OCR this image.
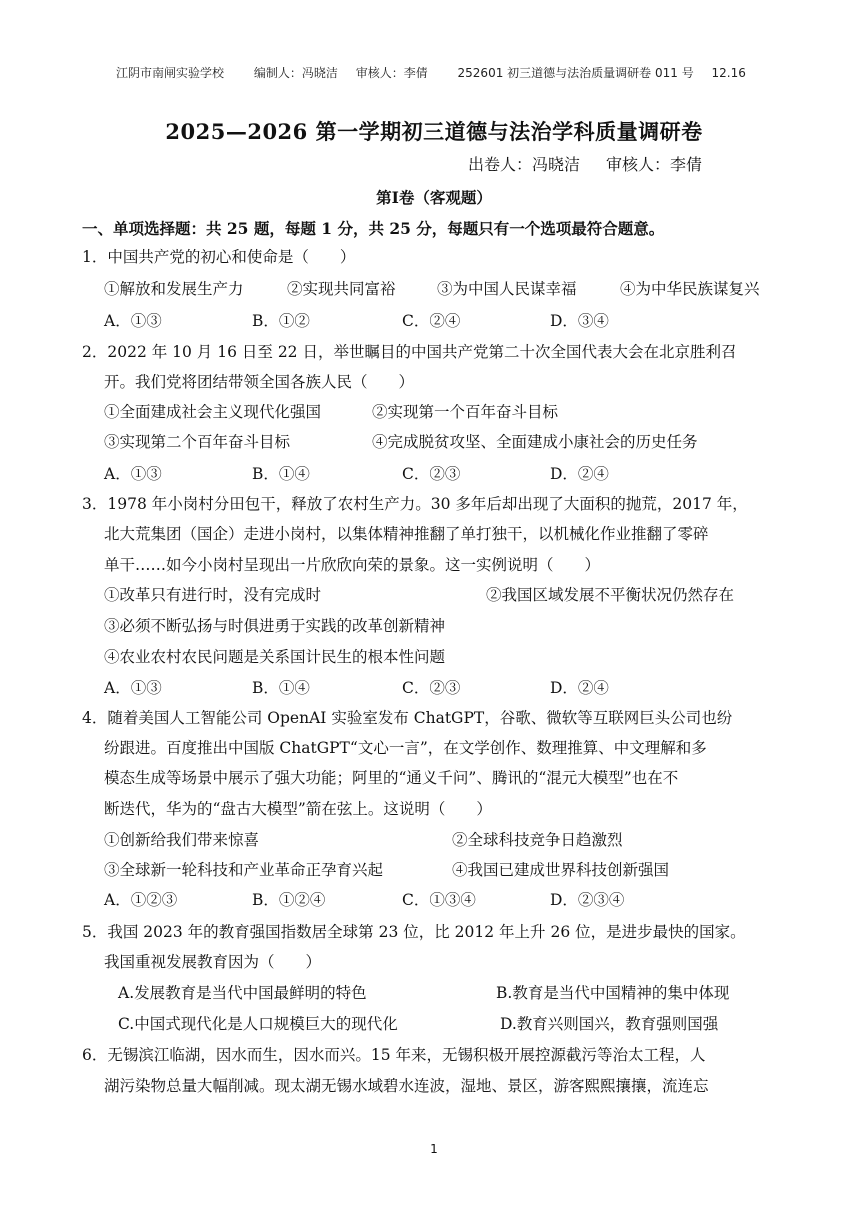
江阴市南闸实验学校 编制人：冯晓洁 审核人：李倩 252601 初三道德与法治质量调研卷 011 号 12.16
2025—2026 第一学期初三道德与法治学科质量调研卷
出卷人：冯晓洁 审核人：李倩
第Ⅰ卷（客观题）
一、单项选择题：共 25 题，每题 1 分，共 25 分，每题只有一个选项最符合题意。
1．中国共产党的初心和使命是（　　）
①解放和发展生产力	②实现共同富裕	③为中国人民谋幸福	④为中华民族谋复兴
A．①③	B．①②	C．②④	D．③④
2．2022 年 10 月 16 日至 22 日，举世瞩目的中国共产党第二十次全国代表大会在北京胜利召
开。我们党将团结带领全国各族人民（　　）
①全面建成社会主义现代化强国	②实现第一个百年奋斗目标
③实现第二个百年奋斗目标	④完成脱贫攻坚、全面建成小康社会的历史任务
A．①③	B．①④	C．②③	D．②④
3．1978 年小岗村分田包干，释放了农村生产力。30 多年后却出现了大面积的抛荒，2017 年，
北大荒集团（国企）走进小岗村，以集体精神推翻了单打独干，以机械化作业推翻了零碎
单干……如今小岗村呈现出一片欣欣向荣的景象。这一实例说明（　　）
①改革只有进行时，没有完成时	②我国区域发展不平衡状况仍然存在
③必须不断弘扬与时俱进勇于实践的改革创新精神
④农业农村农民问题是关系国计民生的根本性问题
A．①③	B．①④	C．②③	D．②④
4．随着美国人工智能公司 OpenAI 实验室发布 ChatGPT，谷歌、微软等互联网巨头公司也纷
纷跟进。百度推出中国版 ChatGPT“文心一言”，在文学创作、数理推算、中文理解和多
模态生成等场景中展示了强大功能；阿里的“通义千问”、腾讯的“混元大模型”也在不
断迭代，华为的“盘古大模型”箭在弦上。这说明（　　）
①创新给我们带来惊喜	②全球科技竞争日趋激烈
③全球新一轮科技和产业革命正孕育兴起	④我国已建成世界科技创新强国
A．①②③	B．①②④	C．①③④	D．②③④
5．我国 2023 年的教育强国指数居全球第 23 位，比 2012 年上升 26 位，是进步最快的国家。
我国重视发展教育因为（　　）
A.发展教育是当代中国最鲜明的特色	B.教育是当代中国精神的集中体现
C.中国式现代化是人口规模巨大的现代化	D.教育兴则国兴，教育强则国强
6．无锡滨江临湖，因水而生，因水而兴。15 年来，无锡积极开展控源截污等治太工程，人
湖污染物总量大幅削减。现太湖无锡水域碧水连波，湿地、景区，游客熙熙攘攘，流连忘
1
